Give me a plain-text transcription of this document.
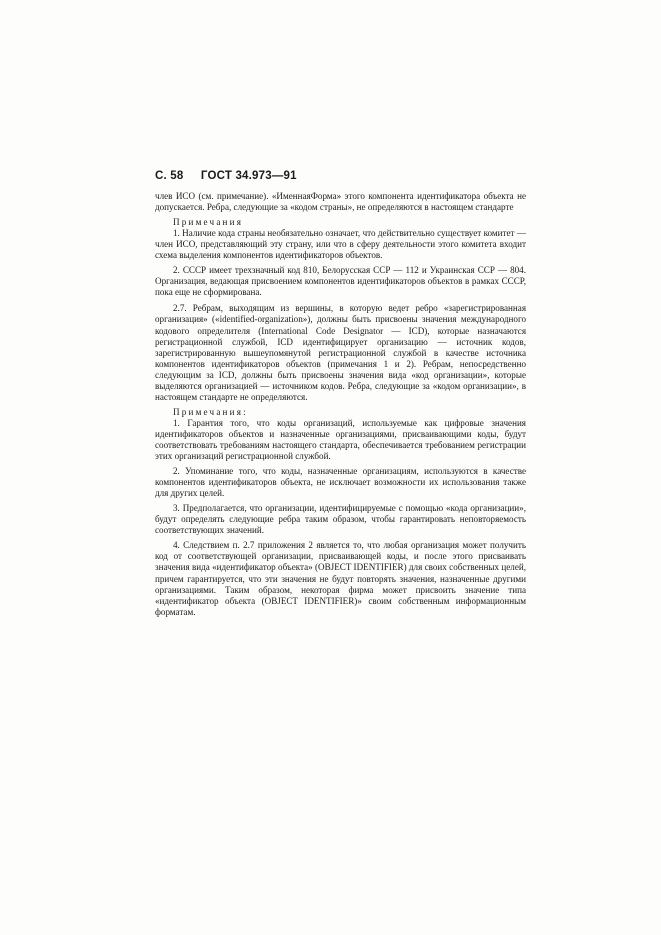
С. 58 ГОСТ 34.973—91

члев ИСО (см. примечание). «ИменнаяФорма» этого компонента идентификатора объекта не допускается. Ребра, следующие за «кодом страны», не определяются в настоящем стандарте

Примечания

1. Наличие кода страны необязательно означает, что действительно существует комитет — член ИСО, представляющий эту страну, или что в сферу деятельности этого комитета входит схема выделения компонентов идентификаторов объектов.

2. СССР имеет трехзначный код 810, Белорусская ССР — 112 и Украинская ССР — 804. Организация, ведающая присвоением компонентов идентификаторов объектов в рамках СССР, пока еще не сформирована.

2.7. Ребрам, выходящим из вершины, в которую ведет ребро «зарегистрированная организация» («identified-organization»), должны быть присвоены значения международного кодового определителя (International Code Designator — ICD), которые назначаются регистрационной службой, ICD идентифицирует организацию — источник кодов, зарегистрированную вышеупомянутой регистрационной службой в качестве источника компонентов идентификаторов объектов (примечания 1 и 2). Ребрам, непосредственно следующим за ICD, должны быть присвоены значения вида «код организации», которые выделяются организацией — источником кодов. Ребра, следующие за «кодом организации», в настоящем стандарте не определяются.

Примечания:

1. Гарантия того, что коды организаций, используемые как цифровые значения идентификаторов объектов и назначенные организациями, присваивающими коды, будут соответствовать требованиям настоящего стандарта, обеспечивается требованием регистрации этих организаций регистрационной службой.

2. Упоминание того, что коды, назначенные организациям, используются в качестве компонентов идентификаторов объекта, не исключает возможности их использования также для других целей.

3. Предполагается, что организации, идентифицируемые с помощью «кода организации», будут определять следующие ребра таким образом, чтобы гарантировать неповторяемость соответствующих значений.

4. Следствием п. 2.7 приложения 2 является то, что любая организация может получить код от соответствующей организации, присваивающей коды, и после этого присваивать значения вида «идентификатор объекта» (OBJECT IDENTIFIER) для своих собственных целей, причем гарантируется, что эти значения не будут повторять значения, назначенные другими организациями. Таким образом, некоторая фирма может присвоить значение типа «идентификатор объекта (OBJECT IDENTIFIER)» своим собственным информационным форматам.
